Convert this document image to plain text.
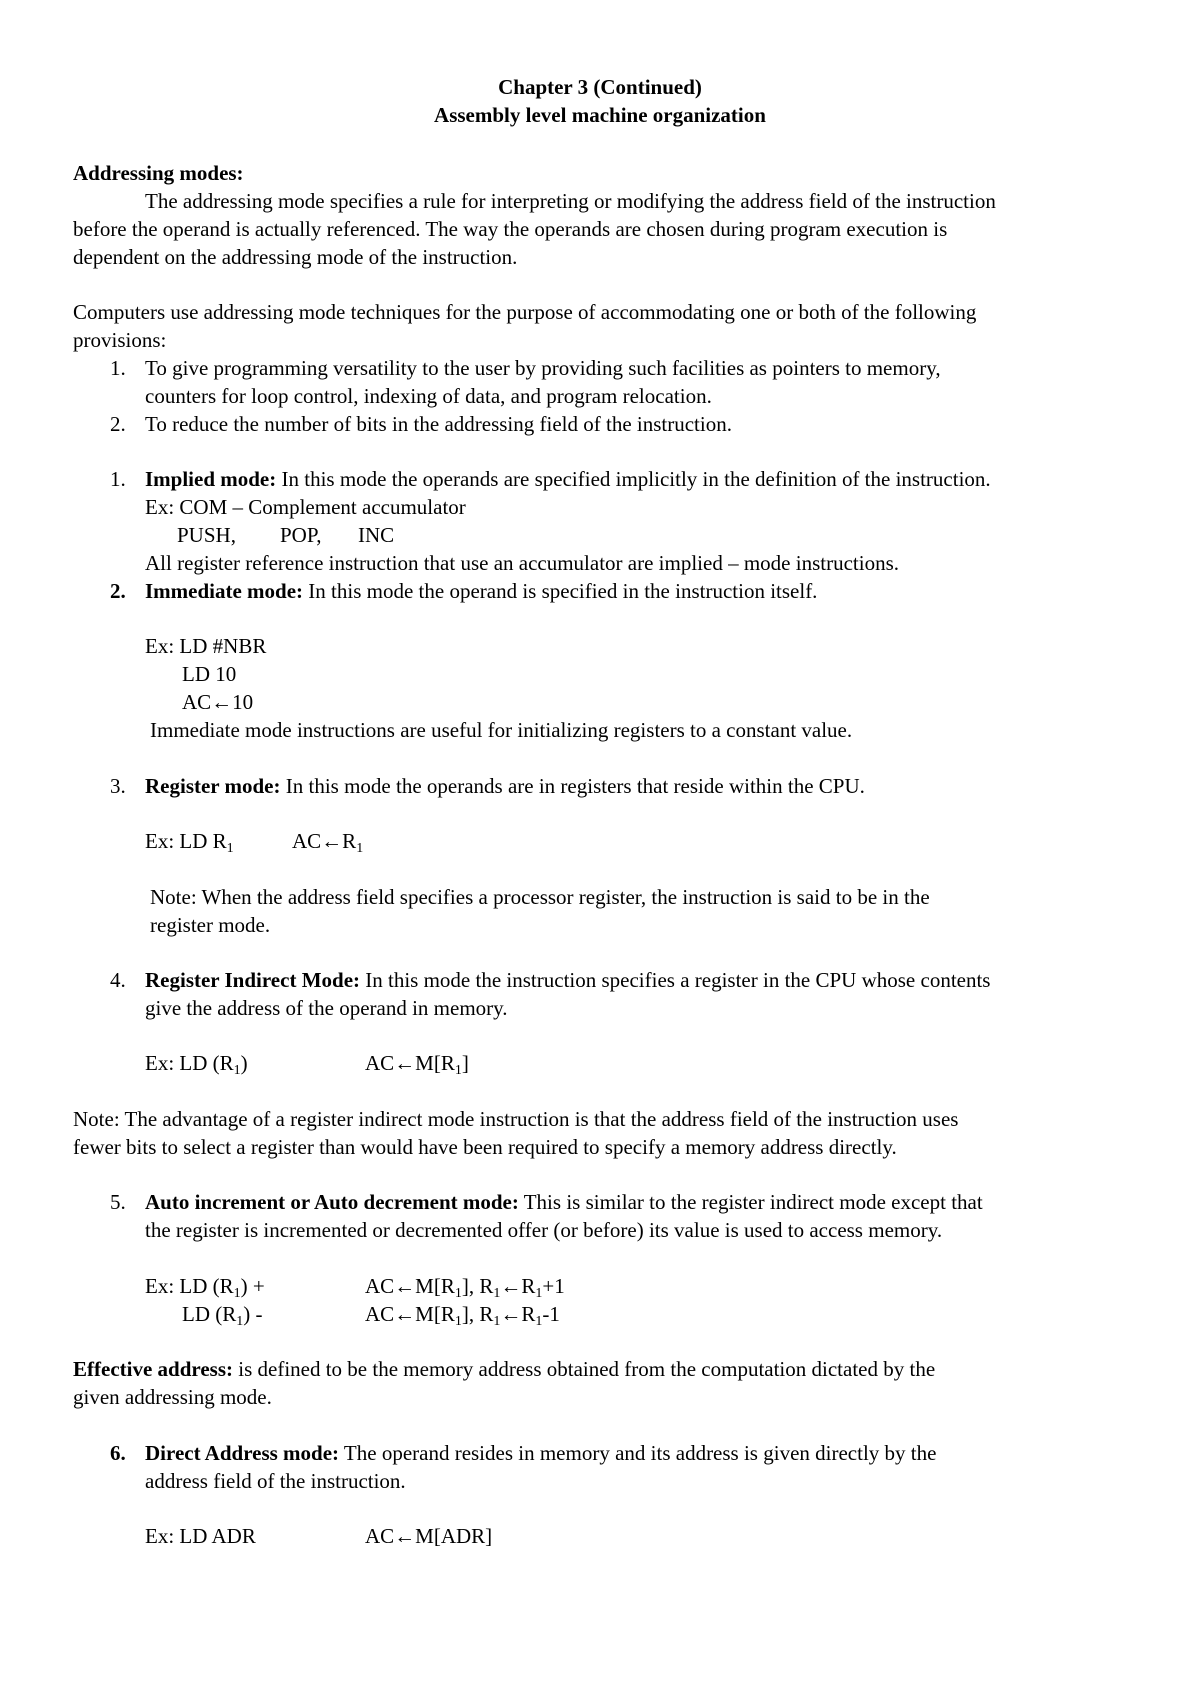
Chapter 3 (Continued)
Assembly level machine organization
Addressing modes:
The addressing mode specifies a rule for interpreting or modifying the address field of the instruction
before the operand is actually referenced. The way the operands are chosen during program execution is
dependent on the addressing mode of the instruction.
Computers use addressing mode techniques for the purpose of accommodating one or both of the following
provisions:
1. To give programming versatility to the user by providing such facilities as pointers to memory,
counters for loop control, indexing of data, and program relocation.
2. To reduce the number of bits in the addressing field of the instruction.
1. Implied mode: In this mode the operands are specified implicitly in the definition of the instruction.
Ex: COM – Complement accumulator
PUSH, POP, INC
All register reference instruction that use an accumulator are implied – mode instructions.
2. Immediate mode: In this mode the operand is specified in the instruction itself.
Ex: LD #NBR
LD 10
AC←10
Immediate mode instructions are useful for initializing registers to a constant value.
3. Register mode: In this mode the operands are in registers that reside within the CPU.
Ex: LD $R_1$	$AC\leftarrow R_1$
Note: When the address field specifies a processor register, the instruction is said to be in the
register mode.
4. Register Indirect Mode: In this mode the instruction specifies a register in the CPU whose contents
give the address of the operand in memory.
Ex: LD $(R_1)$	$AC\leftarrow M[R_1]$
Note: The advantage of a register indirect mode instruction is that the address field of the instruction uses
fewer bits to select a register than would have been required to specify a memory address directly.
5. Auto increment or Auto decrement mode: This is similar to the register indirect mode except that
the register is incremented or decremented offer (or before) its value is used to access memory.
Ex: LD $(R_1)$ +	$AC\leftarrow M[R_1]$, $R_1\leftarrow R_1+1$
LD $(R_1)$ -	$AC\leftarrow M[R_1]$, $R_1\leftarrow R_1-1$
Effective address: is defined to be the memory address obtained from the computation dictated by the
given addressing mode.
6. Direct Address mode: The operand resides in memory and its address is given directly by the
address field of the instruction.
Ex: LD ADR	AC←M[ADR]
